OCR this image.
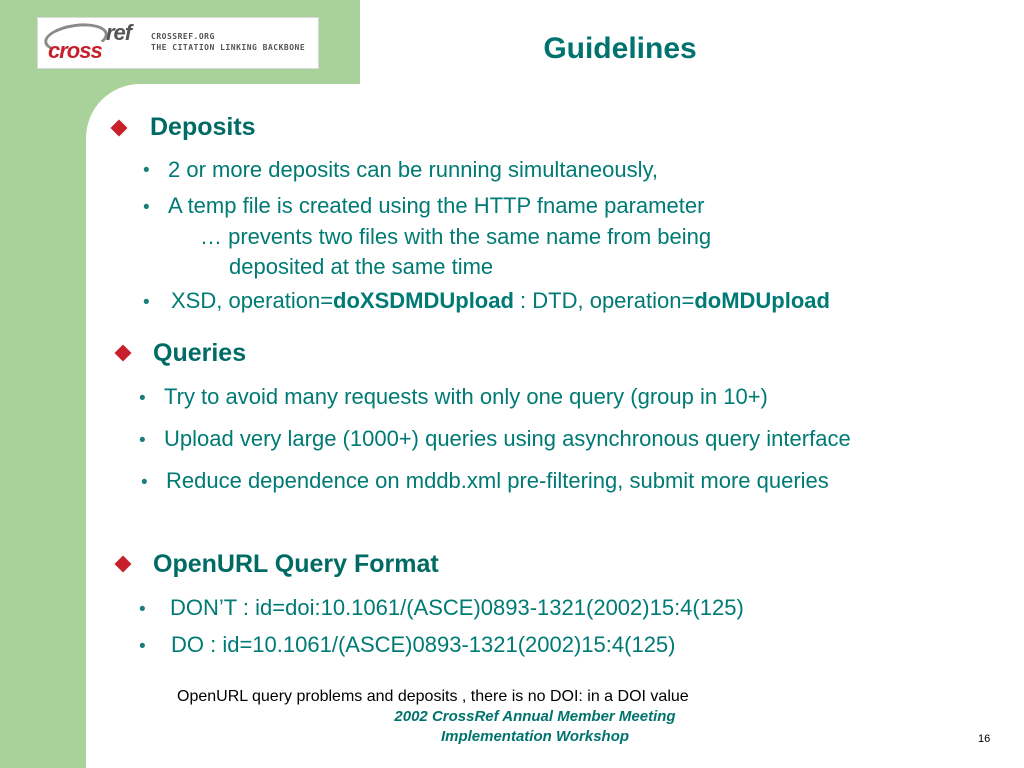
cross
ref CROSSREF.ORG
THE CITATION LINKING BACKBONE	Guidelines
Deposits
• 2 or more deposits can be running simultaneously,
• A temp file is created using the HTTP fname parameter
… prevents two files with the same name from being
deposited at the same time
• XSD, operation=doXSDMDUpload : DTD, operation=doMDUpload
Queries
• Try to avoid many requests with only one query (group in 10+)
• Upload very large (1000+) queries using asynchronous query interface
• Reduce dependence on mddb.xml pre-filtering, submit more queries
OpenURL Query Format
• DON’T : id=doi:10.1061/(ASCE)0893-1321(2002)15:4(125)
• DO : id=10.1061/(ASCE)0893-1321(2002)15:4(125)
OpenURL query problems and deposits , there is no DOI: in a DOI value
2002 CrossRef Annual Member Meeting
Implementation Workshop	16
